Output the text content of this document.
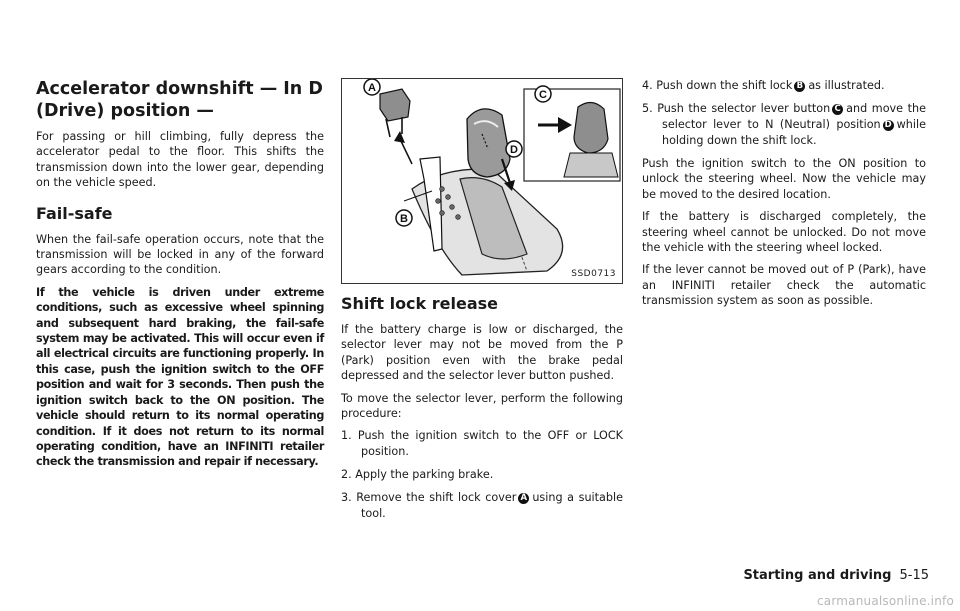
Accelerator downshift — In D (Drive) position —

For passing or hill climbing, fully depress the accelerator pedal to the floor. This shifts the transmission down into the lower gear, depending on the vehicle speed.

Fail-safe

When the fail-safe operation occurs, note that the transmission will be locked in any of the forward gears according to the condition.

If the vehicle is driven under extreme conditions, such as excessive wheel spinning and subsequent hard braking, the fail-safe system may be activated. This will occur even if all electrical circuits are functioning properly. In this case, push the ignition switch to the OFF position and wait for 3 seconds. Then push the ignition switch back to the ON position. The vehicle should return to its normal operating condition. If it does not return to its normal operating condition, have an INFINITI retailer check the transmission and repair if necessary.

A
B
C
D
SSD0713
Shift lock release

If the battery charge is low or discharged, the selector lever may not be moved from the P (Park) position even with the brake pedal depressed and the selector lever button pushed.

To move the selector lever, perform the following procedure:

1. Push the ignition switch to the OFF or LOCK position.
2. Apply the parking brake.
3. Remove the shift lock cover A using a suitable tool.
4. Push down the shift lock B as illustrated.
5. Push the selector lever button C and move the selector lever to N (Neutral) position D while holding down the shift lock.

Push the ignition switch to the ON position to unlock the steering wheel. Now the vehicle may be moved to the desired location.

If the battery is discharged completely, the steering wheel cannot be unlocked. Do not move the vehicle with the steering wheel locked.

If the lever cannot be moved out of P (Park), have an INFINITI retailer check the automatic transmission system as soon as possible.

Starting and driving 5-15
carmanualsonline.info
